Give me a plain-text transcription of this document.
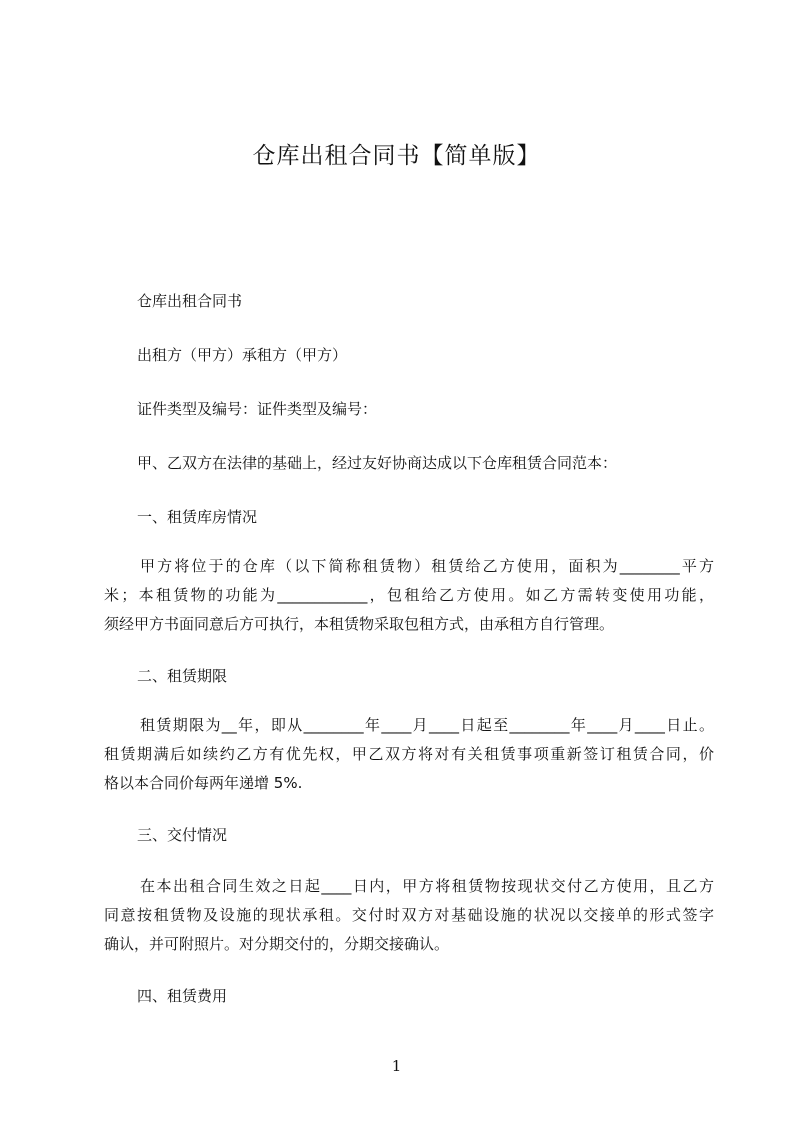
仓库出租合同书【简单版】
仓库出租合同书
出租方（甲方）承租方（甲方）
证件类型及编号：证件类型及编号：
甲、乙双方在法律的基础上，经过友好协商达成以下仓库租赁合同范本：
一、租赁库房情况
甲方将位于的仓库（以下简称租赁物）租赁给乙方使用，面积为________平方
米；本租赁物的功能为____________，包租给乙方使用。如乙方需转变使用功能，
须经甲方书面同意后方可执行，本租赁物采取包租方式，由承租方自行管理。
二、租赁期限
租赁期限为__年，即从________年____月____日起至________年____月____日止。
租赁期满后如续约乙方有优先权，甲乙双方将对有关租赁事项重新签订租赁合同，价
格以本合同价每两年递增 5%.
三、交付情况
在本出租合同生效之日起____日内，甲方将租赁物按现状交付乙方使用，且乙方
同意按租赁物及设施的现状承租。交付时双方对基础设施的状况以交接单的形式签字
确认，并可附照片。对分期交付的，分期交接确认。
四、租赁费用
1
